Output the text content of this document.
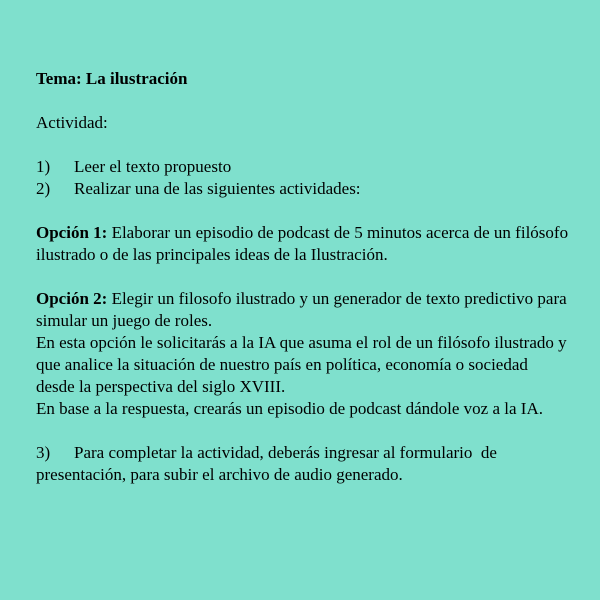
Tema: La ilustración

Actividad:

1)	Leer el texto propuesto
2)	Realizar una de las siguientes actividades:

Opción 1: Elaborar un episodio de podcast de 5 minutos acerca de un filósofo ilustrado o de las principales ideas de la Ilustración.

Opción 2: Elegir un filosofo ilustrado y un generador de texto predictivo para simular un juego de roles.

En esta opción le solicitarás a la IA que asuma el rol de un filósofo ilustrado y que analice la situación de nuestro país en política, economía o sociedad desde la perspectiva del siglo XVIII.

En base a la respuesta, crearás un episodio de podcast dándole voz a la IA.

3) Para completar la actividad, deberás ingresar al formulario  de presentación, para subir el archivo de audio generado.
